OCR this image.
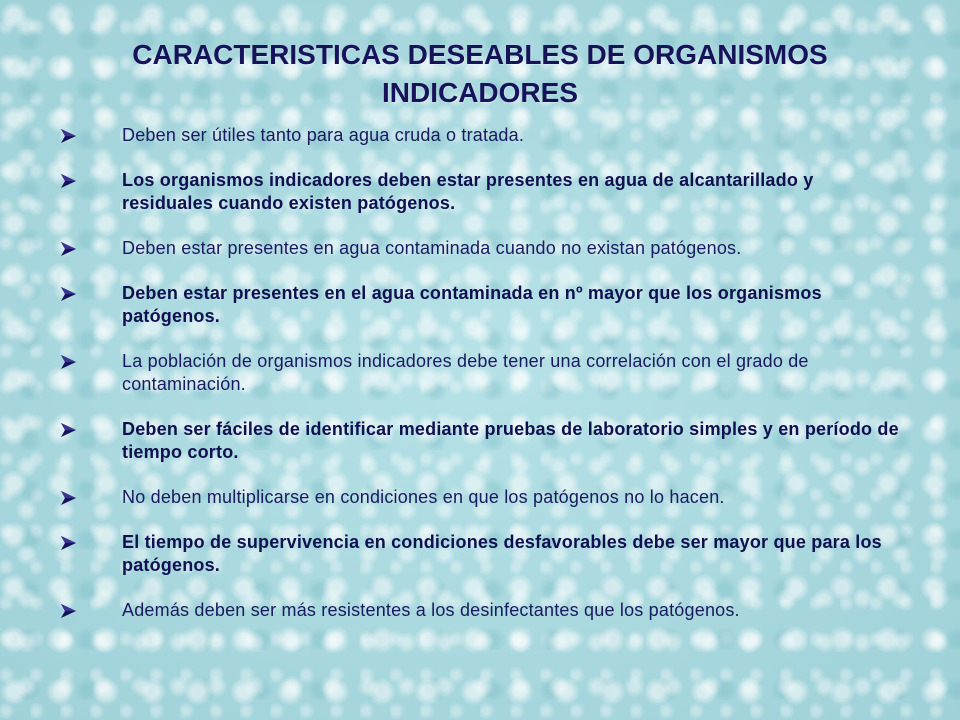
CARACTERISTICAS DESEABLES DE ORGANISMOS INDICADORES
Deben ser útiles tanto para agua cruda o tratada.
Los organismos indicadores deben estar presentes en agua de alcantarillado y residuales cuando existen patógenos.
Deben estar presentes en agua contaminada cuando no existan patógenos.
Deben estar presentes en el agua contaminada en nº mayor que los organismos patógenos.
La población de organismos indicadores debe tener una correlación con el grado de contaminación.
Deben ser fáciles de identificar mediante pruebas de laboratorio simples y en período de tiempo corto.
No deben multiplicarse en condiciones en que los patógenos no lo hacen.
El tiempo de supervivencia en condiciones desfavorables debe ser mayor que para los patógenos.
Además deben ser más resistentes a los desinfectantes que los patógenos.
